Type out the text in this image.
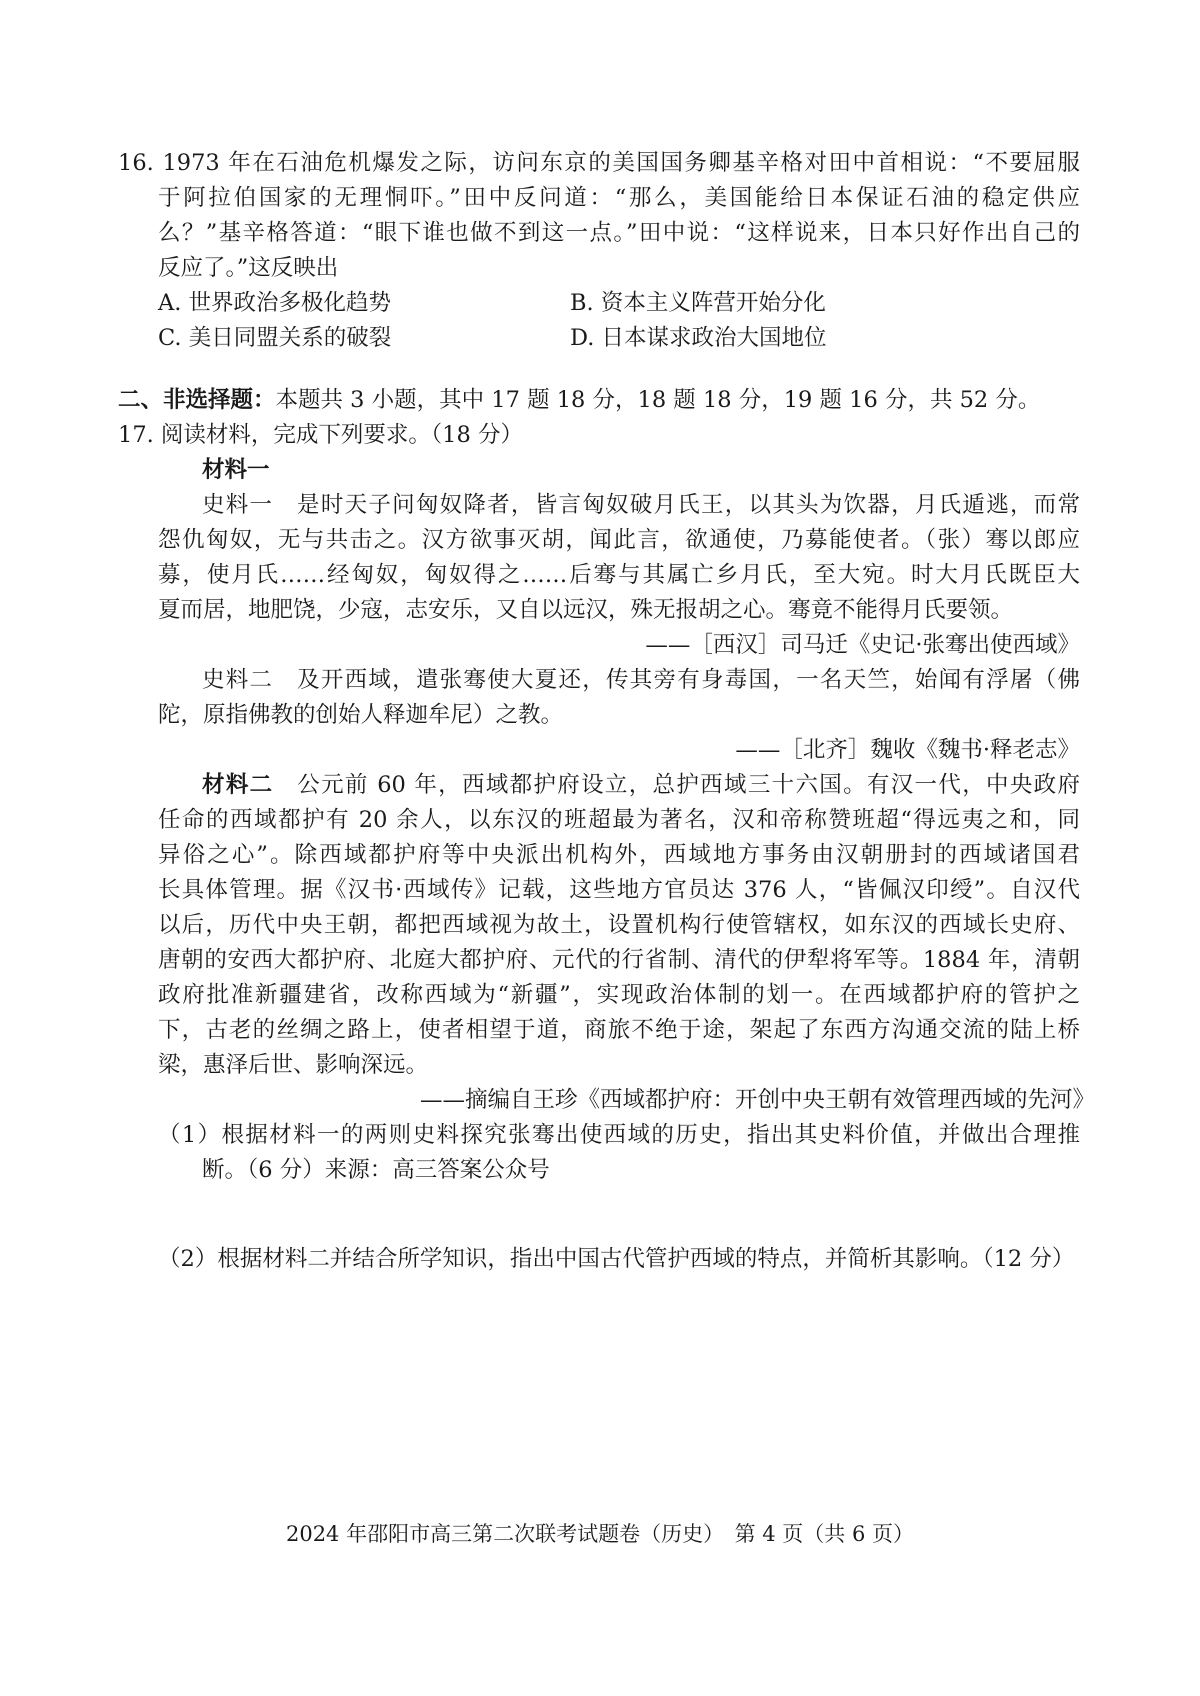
16. 1973 年在石油危机爆发之际，访问东京的美国国务卿基辛格对田中首相说：“不要屈服
于阿拉伯国家的无理恫吓。”田中反问道：“那么，美国能给日本保证石油的稳定供应
么？”基辛格答道：“眼下谁也做不到这一点。”田中说：“这样说来，日本只好作出自己的
反应了。”这反映出
A. 世界政治多极化趋势	B. 资本主义阵营开始分化
C. 美日同盟关系的破裂	D. 日本谋求政治大国地位
二、非选择题：本题共 3 小题，其中 17 题 18 分，18 题 18 分，19 题 16 分，共 52 分。
17. 阅读材料，完成下列要求。（18 分）
材料一
史料一　是时天子问匈奴降者，皆言匈奴破月氏王，以其头为饮器，月氏遁逃，而常
怨仇匈奴，无与共击之。汉方欲事灭胡，闻此言，欲通使，乃募能使者。（张）骞以郎应
募，使月氏……经匈奴，匈奴得之……后骞与其属亡乡月氏，至大宛。时大月氏既臣大
夏而居，地肥饶，少寇，志安乐，又自以远汉，殊无报胡之心。骞竟不能得月氏要领。
——［西汉］司马迁《史记·张骞出使西域》
史料二　及开西域，遣张骞使大夏还，传其旁有身毒国，一名天竺，始闻有浮屠（佛
陀，原指佛教的创始人释迦牟尼）之教。
——［北齐］魏收《魏书·释老志》
材料二　 公元前 60 年，西域都护府设立，总护西域三十六国。有汉一代，中央政府
任命的西域都护有 20 余人，以东汉的班超最为著名，汉和帝称赞班超“得远夷之和，同
异俗之心”。除西域都护府等中央派出机构外，西域地方事务由汉朝册封的西域诸国君
长具体管理。据《汉书·西域传》记载，这些地方官员达 376 人，“皆佩汉印绶”。自汉代
以后，历代中央王朝，都把西域视为故土，设置机构行使管辖权，如东汉的西域长史府、
唐朝的安西大都护府、北庭大都护府、元代的行省制、清代的伊犁将军等。1884 年，清朝
政府批准新疆建省，改称西域为“新疆”，实现政治体制的划一。在西域都护府的管护之
下，古老的丝绸之路上，使者相望于道，商旅不绝于途，架起了东西方沟通交流的陆上桥
梁，惠泽后世、影响深远。
——摘编自王珍《西域都护府：开创中央王朝有效管理西域的先河》
（1）根据材料一的两则史料探究张骞出使西域的历史，指出其史料价值，并做出合理推
断。（6 分）来源：高三答案公众号
（2）根据材料二并结合所学知识，指出中国古代管护西域的特点，并简析其影响。（12 分）
2024 年邵阳市高三第二次联考试题卷（历史）　第 4 页（共 6 页）
